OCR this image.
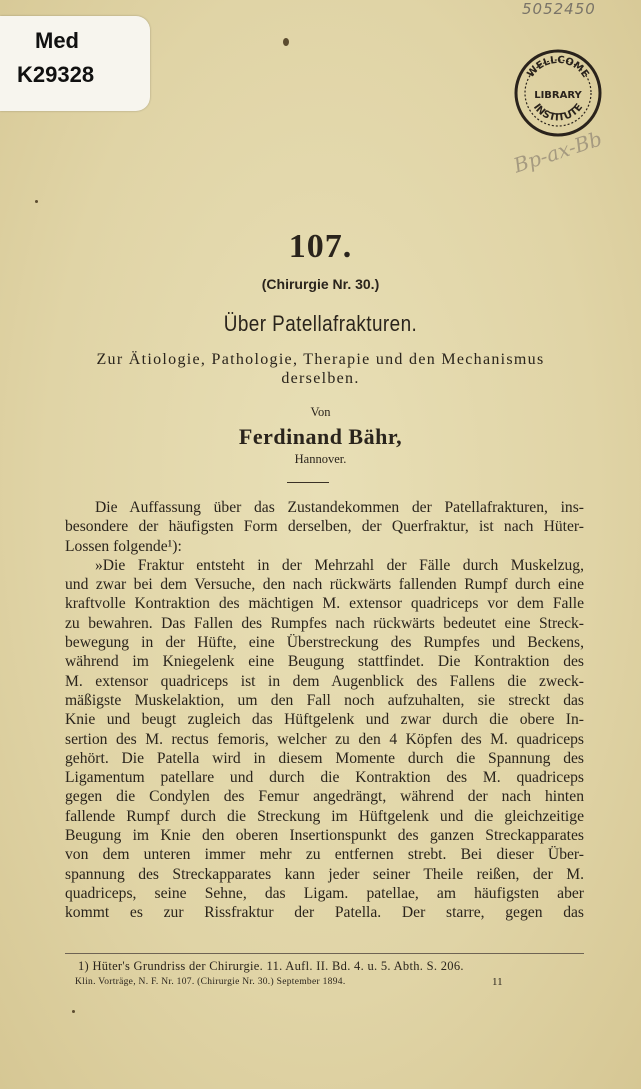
Med
K29328
5052450
Bp-ax-Bb
WELLCOME
LIBRARY
INSTITUTE
107.
(Chirurgie Nr. 30.)
Über Patellafrakturen.
Zur Ätiologie, Pathologie, Therapie und den Mechanismus
derselben.
Von
Ferdinand Bähr,
Hannover.

Die Auffassung über das Zustandekommen der Patellafrakturen, ins-

besondere der häufigsten Form derselben, der Querfraktur, ist nach Hüter-

Lossen folgende¹):

»Die Fraktur entsteht in der Mehrzahl der Fälle durch Muskelzug,

und zwar bei dem Versuche, den nach rückwärts fallenden Rumpf durch eine

kraftvolle Kontraktion des mächtigen M. extensor quadriceps vor dem Falle

zu bewahren. Das Fallen des Rumpfes nach rückwärts bedeutet eine Streck-

bewegung in der Hüfte, eine Überstreckung des Rumpfes und Beckens,

während im Kniegelenk eine Beugung stattfindet. Die Kontraktion des

M. extensor quadriceps ist in dem Augenblick des Fallens die zweck-

mäßigste Muskelaktion, um den Fall noch aufzuhalten, sie streckt das

Knie und beugt zugleich das Hüftgelenk und zwar durch die obere In-

sertion des M. rectus femoris, welcher zu den 4 Köpfen des M. quadriceps

gehört. Die Patella wird in diesem Momente durch die Spannung des

Ligamentum patellare und durch die Kontraktion des M. quadriceps

gegen die Condylen des Femur angedrängt, während der nach hinten

fallende Rumpf durch die Streckung im Hüftgelenk und die gleichzeitige

Beugung im Knie den oberen Insertionspunkt des ganzen Streckapparates

von dem unteren immer mehr zu entfernen strebt. Bei dieser Über-

spannung des Streckapparates kann jeder seiner Theile reißen, der M.

quadriceps, seine Sehne, das Ligam. patellae, am häufigsten aber

kommt es zur Rissfraktur der Patella. Der starre, gegen das

1) Hüter's Grundriss der Chirurgie. 11. Aufl. II. Bd. 4. u. 5. Abth. S. 206.
Klin. Vorträge, N. F. Nr. 107. (Chirurgie Nr. 30.) September 1894.	11
